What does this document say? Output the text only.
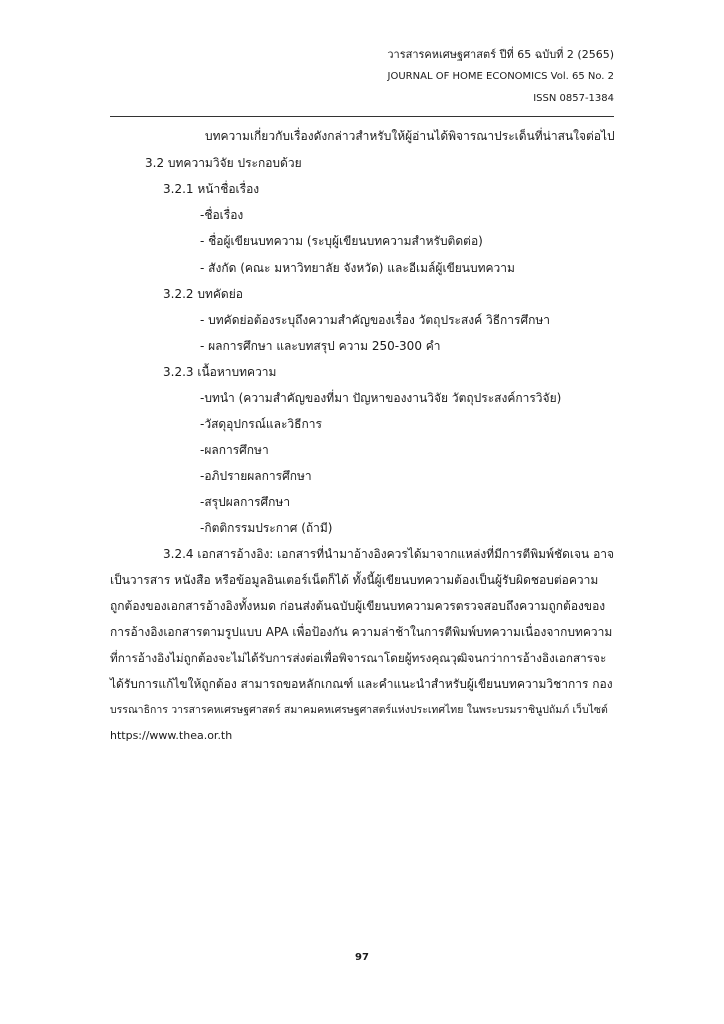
วารสารคหเศษฐศาสตร์ ปีที่ 65 ฉบับที่ 2 (2565)
JOURNAL OF HOME ECONOMICS Vol. 65 No. 2
ISSN 0857-1384
บทความเกี่ยวกับเรื่องดังกล่าวสำหรับให้ผู้อ่านได้พิจารณาประเด็นที่น่าสนใจต่อไป
3.2 บทความวิจัย ประกอบด้วย
3.2.1 หน้าชื่อเรื่อง
-ชื่อเรื่อง
- ชื่อผู้เขียนบทความ (ระบุผู้เขียนบทความสำหรับติดต่อ)
- สังกัด (คณะ มหาวิทยาลัย จังหวัด) และอีเมล์ผู้เขียนบทความ
3.2.2 บทคัดย่อ
- บทคัดย่อต้องระบุถึงความสำคัญของเรื่อง วัตถุประสงค์ วิธีการศึกษา
- ผลการศึกษา และบทสรุป ความ 250-300 คำ
3.2.3 เนื้อหาบทความ
-บทนำ (ความสำคัญของที่มา ปัญหาของงานวิจัย วัตถุประสงค์การวิจัย)
-วัสดุอุปกรณ์และวิธีการ
-ผลการศึกษา
-อภิปรายผลการศึกษา
-สรุปผลการศึกษา
-กิตติกรรมประกาศ (ถ้ามี)
3.2.4 เอกสารอ้างอิง: เอกสารที่นำมาอ้างอิงควรได้มาจากแหล่งที่มีการตีพิมพ์ชัดเจน อาจ
เป็นวารสาร หนังสือ หรือข้อมูลอินเตอร์เน็ตก็ได้ ทั้งนี้ผู้เขียนบทความต้องเป็นผู้รับผิดชอบต่อความ
ถูกต้องของเอกสารอ้างอิงทั้งหมด ก่อนส่งต้นฉบับผู้เขียนบทความควรตรวจสอบถึงความถูกต้องของ
การอ้างอิงเอกสารตามรูปแบบ APA เพื่อป้องกัน ความล่าช้าในการตีพิมพ์บทความเนื่องจากบทความ
ที่การอ้างอิงไม่ถูกต้องจะไม่ได้รับการส่งต่อเพื่อพิจารณาโดยผู้ทรงคุณวุฒิจนกว่าการอ้างอิงเอกสารจะ
ได้รับการแก้ไขให้ถูกต้อง สามารถขอหลักเกณฑ์ และคำแนะนำสำหรับผู้เขียนบทความวิชาการ กอง
บรรณาธิการ วารสารคหเศรษฐศาสตร์ สมาคมคหเศรษฐศาสตร์แห่งประเทศไทย ในพระบรมราชินูปถัมภ์ เว็บไซต์
https://www.thea.or.th
97
